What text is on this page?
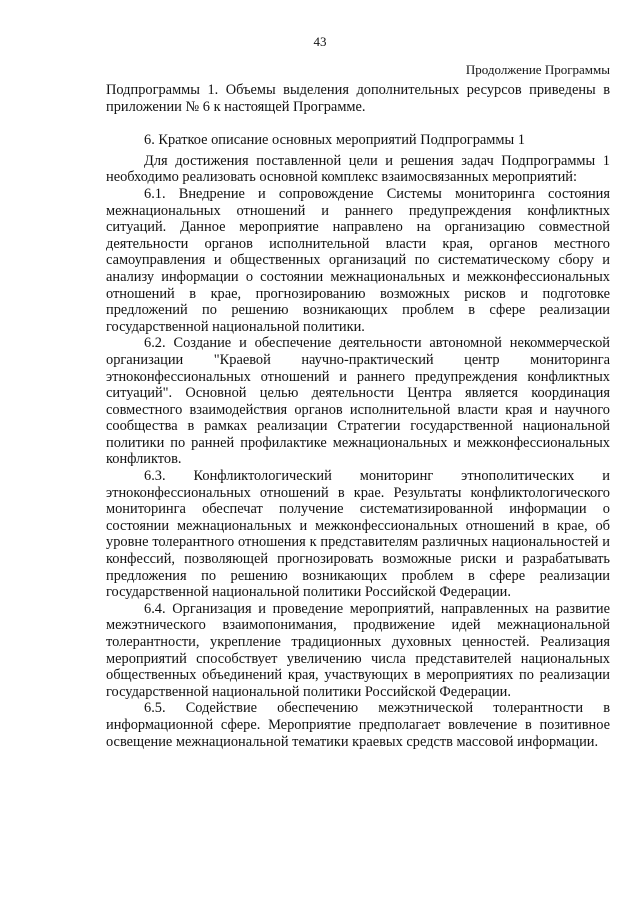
43
Продолжение Программы

Подпрограммы 1. Объемы выделения дополнительных ресурсов приведены в приложении № 6 к настоящей Программе.

6. Краткое описание основных мероприятий Подпрограммы 1

Для достижения поставленной цели и решения задач Подпрограммы 1 необходимо реализовать основной комплекс взаимосвязанных мероприятий:

6.1. Внедрение и сопровождение Системы мониторинга состояния межнациональных отношений и раннего предупреждения конфликтных ситуаций. Данное мероприятие направлено на организацию совместной деятельности органов исполнительной власти края, органов местного самоуправления и общественных организаций по систематическому сбору и анализу информации о состоянии межнациональных и межконфессиональных отношений в крае, прогнозированию возможных рисков и подготовке предложений по решению возникающих проблем в сфере реализации государственной национальной политики.

6.2. Создание и обеспечение деятельности автономной некоммерческой организации "Краевой научно-практический центр мониторинга этноконфессиональных отношений и раннего предупреждения конфликтных ситуаций". Основной целью деятельности Центра является координация совместного взаимодействия органов исполнительной власти края и научного сообщества в рамках реализации Стратегии государственной национальной политики по ранней профилактике межнациональных и межконфессиональных конфликтов.

6.3. Конфликтологический мониторинг этнополитических и этноконфессиональных отношений в крае. Результаты конфликтологического мониторинга обеспечат получение систематизированной информации о состоянии межнациональных и межконфессиональных отношений в крае, об уровне толерантного отношения к представителям различных национальностей и конфессий, позволяющей прогнозировать возможные риски и разрабатывать предложения по решению возникающих проблем в сфере реализации государственной национальной политики Российской Федерации.

6.4. Организация и проведение мероприятий, направленных на развитие межэтнического взаимопонимания, продвижение идей межнациональной толерантности, укрепление традиционных духовных ценностей. Реализация мероприятий способствует увеличению числа представителей национальных общественных объединений края, участвующих в мероприятиях по реализации государственной национальной политики Российской Федерации.

6.5. Содействие обеспечению межэтнической толерантности в информационной сфере. Мероприятие предполагает вовлечение в позитивное освещение межнациональной тематики краевых средств массовой информации.
